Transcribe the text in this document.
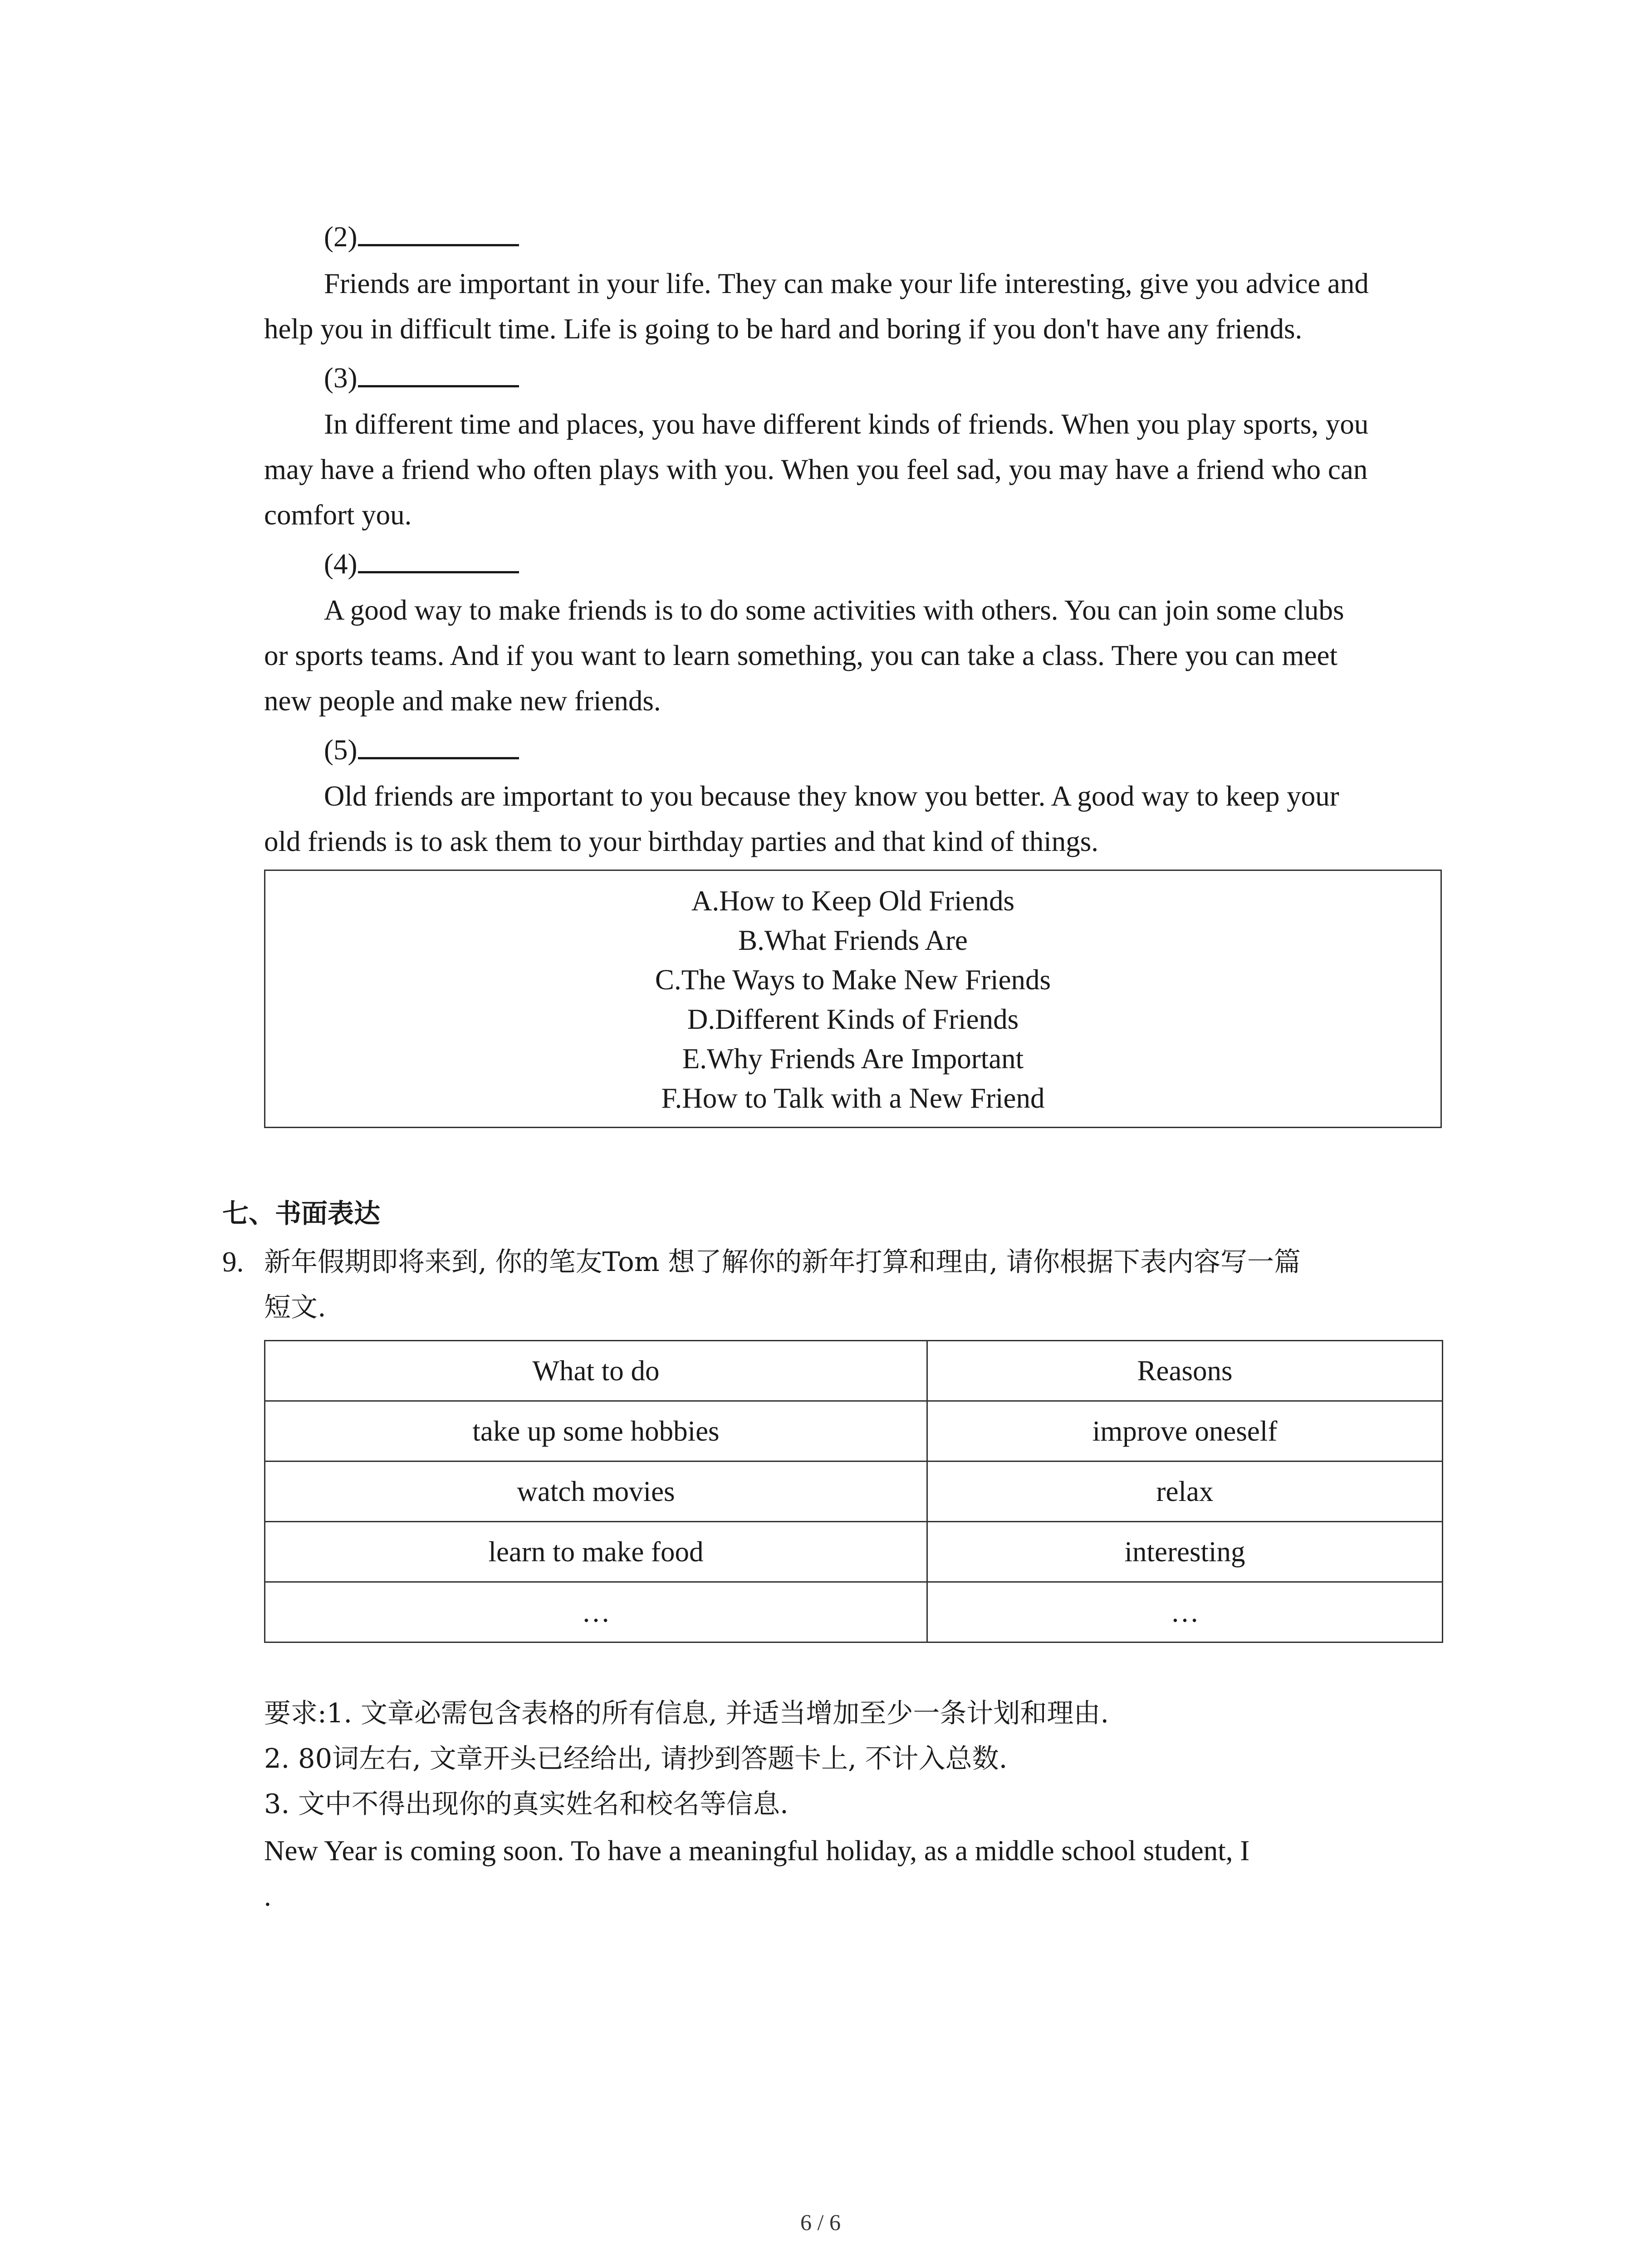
(2)
Friends are important in your life. They can make your life interesting, give you advice and
help you in difficult time. Life is going to be hard and boring if you don't have any friends.
(3)
In different time and places, you have different kinds of friends. When you play sports, you
may have a friend who often plays with you. When you feel sad, you may have a friend who can
comfort you.
(4)
A good way to make friends is to do some activities with others. You can join some clubs
or sports teams. And if you want to learn something, you can take a class. There you can meet
new people and make new friends.
(5)
Old friends are important to you because they know you better. A good way to keep your
old friends is to ask them to your birthday parties and that kind of things.
A.How to Keep Old Friends
B.What Friends Are
C.The Ways to Make New Friends
D.Different Kinds of Friends
E.Why Friends Are Important
F.How to Talk with a New Friend
七、书面表达
9. 新年假期即将来到, 你的笔友Tom 想了解你的新年打算和理由, 请你根据下表内容写一篇
短文.
What to do	Reasons
take up some hobbies	improve oneself
watch movies	relax
learn to make food	interesting
…	…
要求:1. 文章必需包含表格的所有信息, 并适当增加至少一条计划和理由.
2. 80词左右, 文章开头已经给出, 请抄到答题卡上, 不计入总数.
3. 文中不得出现你的真实姓名和校名等信息.
New Year is coming soon. To have a meaningful holiday, as a middle school student, I
.
6 / 6
